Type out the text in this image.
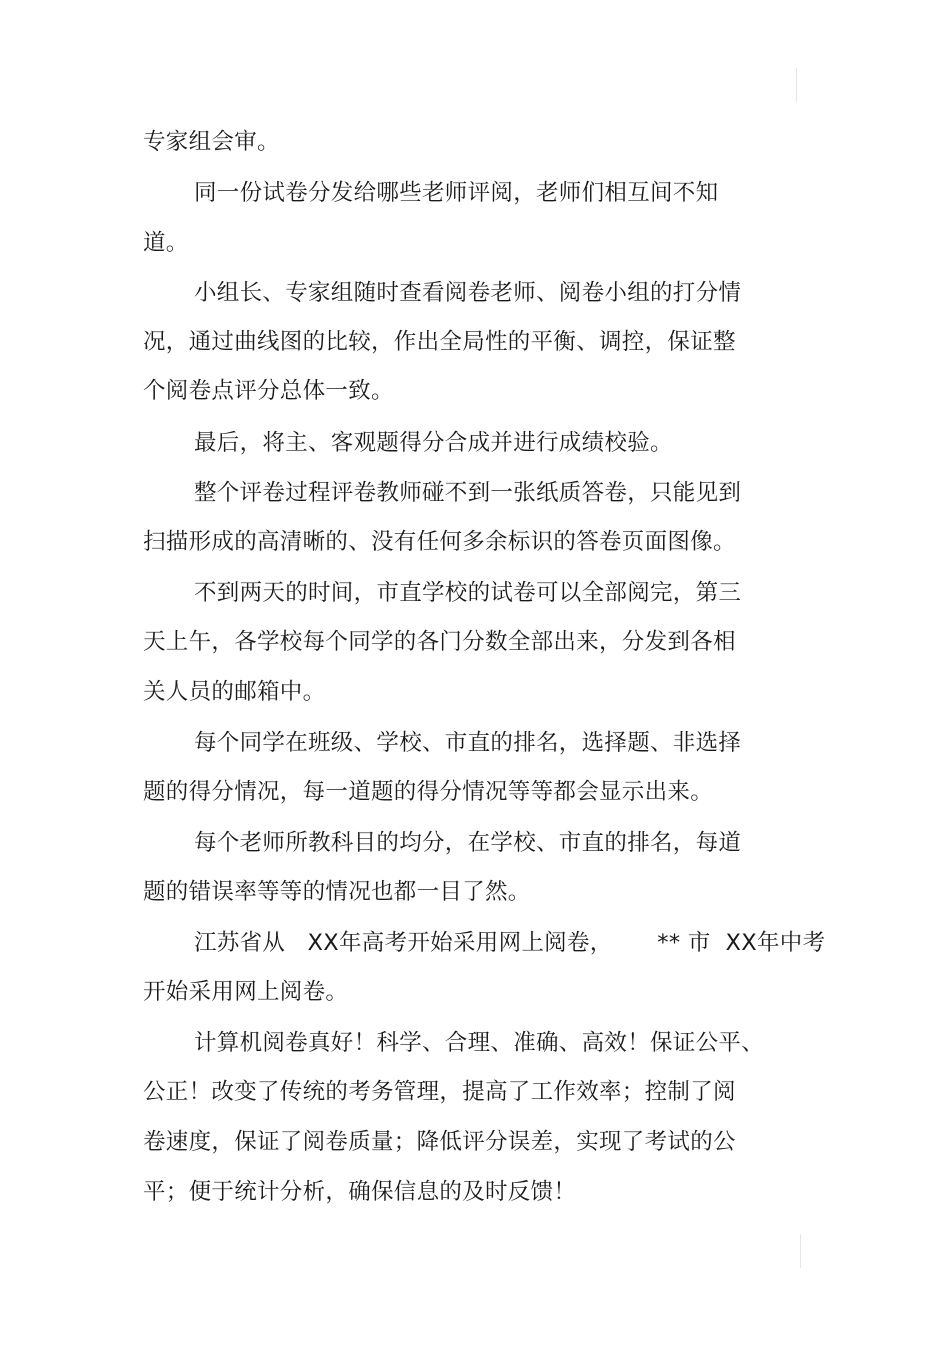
专家组会审。
同一份试卷分发给哪些老师评阅，老师们相互间不知
道。
小组长、专家组随时查看阅卷老师、阅卷小组的打分情
况，通过曲线图的比较，作出全局性的平衡、调控，保证整
个阅卷点评分总体一致。
最后，将主、客观题得分合成并进行成绩校验。
整个评卷过程评卷教师碰不到一张纸质答卷，只能见到
扫描形成的高清晰的、没有任何多余标识的答卷页面图像。
不到两天的时间，市直学校的试卷可以全部阅完，第三
天上午，各学校每个同学的各门分数全部出来，分发到各相
关人员的邮箱中。
每个同学在班级、学校、市直的排名，选择题、非选择
题的得分情况，每一道题的得分情况等等都会显示出来。
每个老师所教科目的均分，在学校、市直的排名，每道
题的错误率等等的情况也都一目了然。
江苏省从   XX年高考开始采用网上阅卷，      ** 市  XX年中考
开始采用网上阅卷。
计算机阅卷真好！科学、合理、准确、高效！保证公平、
公正！改变了传统的考务管理，提高了工作效率；控制了阅
卷速度，保证了阅卷质量；降低评分误差，实现了考试的公
平；便于统计分析，确保信息的及时反馈！
